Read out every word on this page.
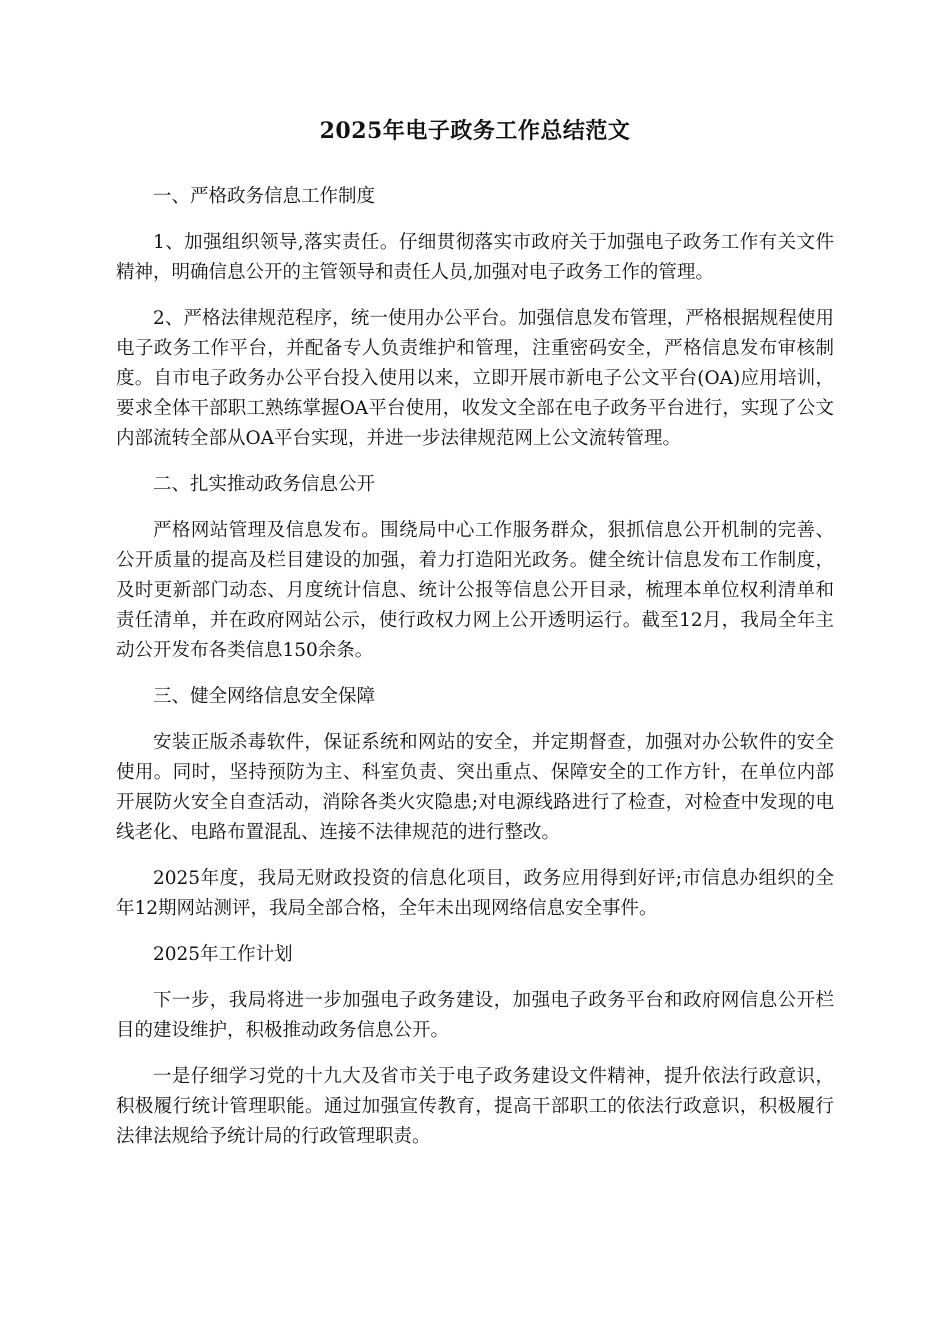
2025年电子政务工作总结范文

一、严格政务信息工作制度

1、加强组织领导,落实责任。仔细贯彻落实市政府关于加强电子政务工作有关文件精神，明确信息公开的主管领导和责任人员,加强对电子政务工作的管理。

2、严格法律规范程序，统一使用办公平台。加强信息发布管理，严格根据规程使用电子政务工作平台，并配备专人负责维护和管理，注重密码安全，严格信息发布审核制度。自市电子政务办公平台投入使用以来，立即开展市新电子公文平台(OA)应用培训，要求全体干部职工熟练掌握OA平台使用，收发文全部在电子政务平台进行，实现了公文内部流转全部从OA平台实现，并进一步法律规范网上公文流转管理。

二、扎实推动政务信息公开

严格网站管理及信息发布。围绕局中心工作服务群众，狠抓信息公开机制的完善、公开质量的提高及栏目建设的加强，着力打造阳光政务。健全统计信息发布工作制度，及时更新部门动态、月度统计信息、统计公报等信息公开目录，梳理本单位权利清单和责任清单，并在政府网站公示，使行政权力网上公开透明运行。截至12月，我局全年主动公开发布各类信息150余条。

三、健全网络信息安全保障

安装正版杀毒软件，保证系统和网站的安全，并定期督查，加强对办公软件的安全使用。同时，坚持预防为主、科室负责、突出重点、保障安全的工作方针，在单位内部开展防火安全自查活动，消除各类火灾隐患;对电源线路进行了检查，对检查中发现的电线老化、电路布置混乱、连接不法律规范的进行整改。

2025年度，我局无财政投资的信息化项目，政务应用得到好评;市信息办组织的全年12期网站测评，我局全部合格，全年未出现网络信息安全事件。

2025年工作计划

下一步，我局将进一步加强电子政务建设，加强电子政务平台和政府网信息公开栏目的建设维护，积极推动政务信息公开。

一是仔细学习党的十九大及省市关于电子政务建设文件精神，提升依法行政意识，积极履行统计管理职能。通过加强宣传教育，提高干部职工的依法行政意识，积极履行法律法规给予统计局的行政管理职责。
